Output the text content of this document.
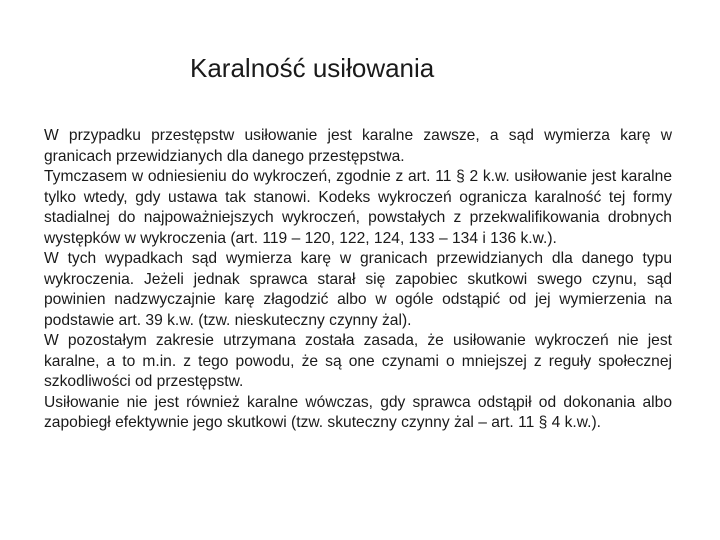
Karalność usiłowania

W przypadku przestępstw usiłowanie jest karalne zawsze, a sąd wymierza karę w granicach przewidzianych dla danego przestępstwa.

Tymczasem w odniesieniu do wykroczeń, zgodnie z art. 11 § 2 k.w. usiłowanie jest karalne tylko wtedy, gdy ustawa tak stanowi. Kodeks wykroczeń ogranicza karalność tej formy stadialnej do najpoważniejszych wykroczeń, powstałych z przekwalifikowania drobnych występków w wykroczenia (art. 119 – 120, 122, 124, 133 – 134 i 136 k.w.).

W tych wypadkach sąd wymierza karę w granicach przewidzianych dla danego typu wykroczenia. Jeżeli jednak sprawca starał się zapobiec skutkowi swego czynu, sąd powinien nadzwyczajnie karę złagodzić albo w ogóle odstąpić od jej wymierzenia na podstawie art. 39 k.w. (tzw. nieskuteczny czynny żal).

W pozostałym zakresie utrzymana została zasada, że usiłowanie wykroczeń nie jest karalne, a to m.in. z tego powodu, że są one czynami o mniejszej z reguły społecznej szkodliwości od przestępstw.

Usiłowanie nie jest również karalne wówczas, gdy sprawca odstąpił od dokonania albo zapobiegł efektywnie jego skutkowi (tzw. skuteczny czynny żal – art. 11 § 4 k.w.).
